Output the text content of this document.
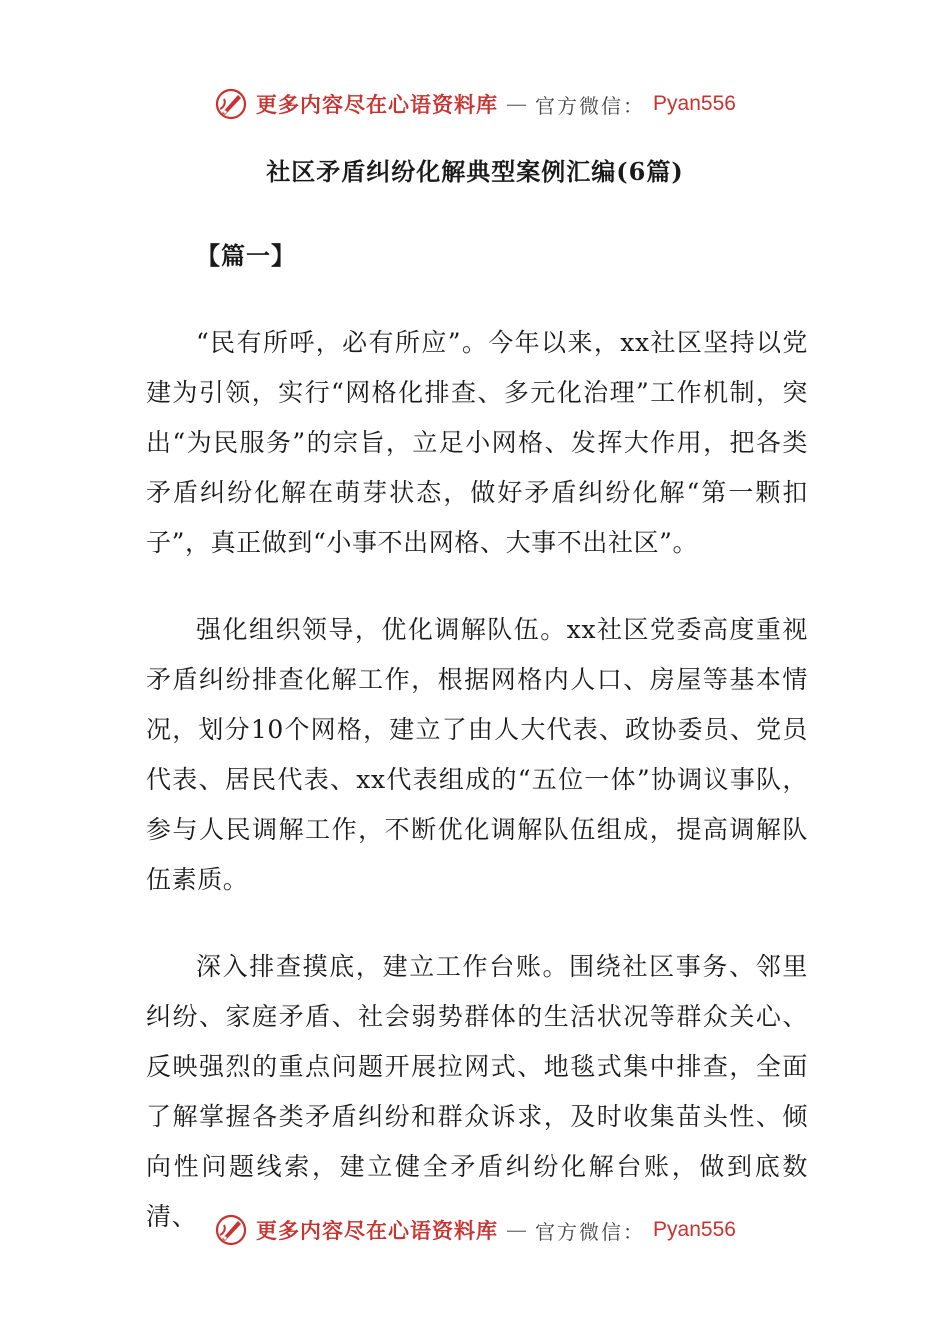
更多内容尽在心语资料库 — 官方微信： Pyan556
社区矛盾纠纷化解典型案例汇编(6篇)
【篇一】

“民有所呼，必有所应”。今年以来，xx社区坚持以党建为引领，实行“网格化排查、多元化治理”工作机制，突出“为民服务”的宗旨，立足小网格、发挥大作用，把各类矛盾纠纷化解在萌芽状态，做好矛盾纠纷化解“第一颗扣子”，真正做到“小事不出网格、大事不出社区”。

强化组织领导，优化调解队伍。xx社区党委高度重视矛盾纠纷排查化解工作，根据网格内人口、房屋等基本情况，划分10个网格，建立了由人大代表、政协委员、党员代表、居民代表、xx代表组成的“五位一体”协调议事队，参与人民调解工作，不断优化调解队伍组成，提高调解队伍素质。

深入排查摸底，建立工作台账。围绕社区事务、邻里纠纷、家庭矛盾、社会弱势群体的生活状况等群众关心、反映强烈的重点问题开展拉网式、地毯式集中排查，全面了解掌握各类矛盾纠纷和群众诉求，及时收集苗头性、倾向性问题线索，建立健全矛盾纠纷化解台账，做到底数清、	更多内容尽在心语资料库 — 官方微信： Pyan556
